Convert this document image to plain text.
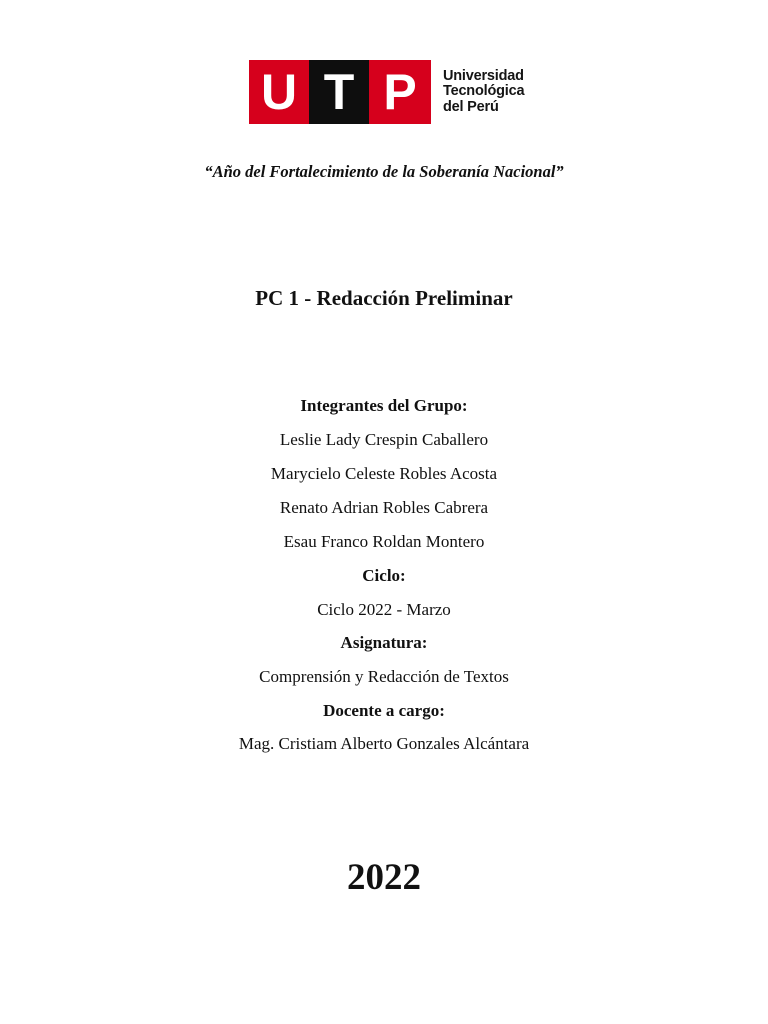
U T P	Universidad
Tecnológica
del Perú
“Año del Fortalecimiento de la Soberanía Nacional”
PC 1 - Redacción Preliminar
Integrantes del Grupo:
Leslie Lady Crespin Caballero
Marycielo Celeste Robles Acosta
Renato Adrian Robles Cabrera
Esau Franco Roldan Montero
Ciclo:
Ciclo 2022 - Marzo
Asignatura:
Comprensión y Redacción de Textos
Docente a cargo:
Mag. Cristiam Alberto Gonzales Alcántara
2022
